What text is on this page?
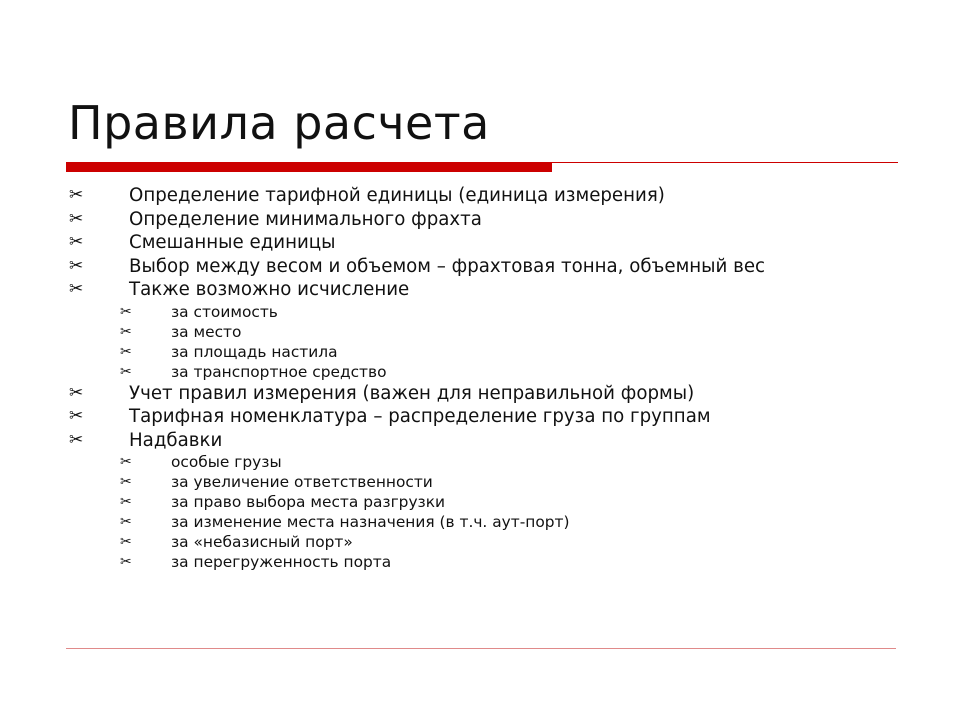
Правила расчета
✂	Определение тарифной единицы (единица измерения)
✂	Определение минимального фрахта
✂	Смешанные единицы
✂	Выбор между весом и объемом – фрахтовая тонна, объемный вес
✂	Также возможно исчисление
✂	за стоимость
✂	за место
✂	за площадь настила
✂	за транспортное средство
✂	Учет правил измерения (важен для неправильной формы)
✂	Тарифная номенклатура – распределение груза по группам
✂	Надбавки
✂	особые грузы
✂	за увеличение ответственности
✂	за право выбора места разгрузки
✂	за изменение места назначения (в т.ч. аут-порт)
✂	за «небазисный порт»
✂	за перегруженность порта
